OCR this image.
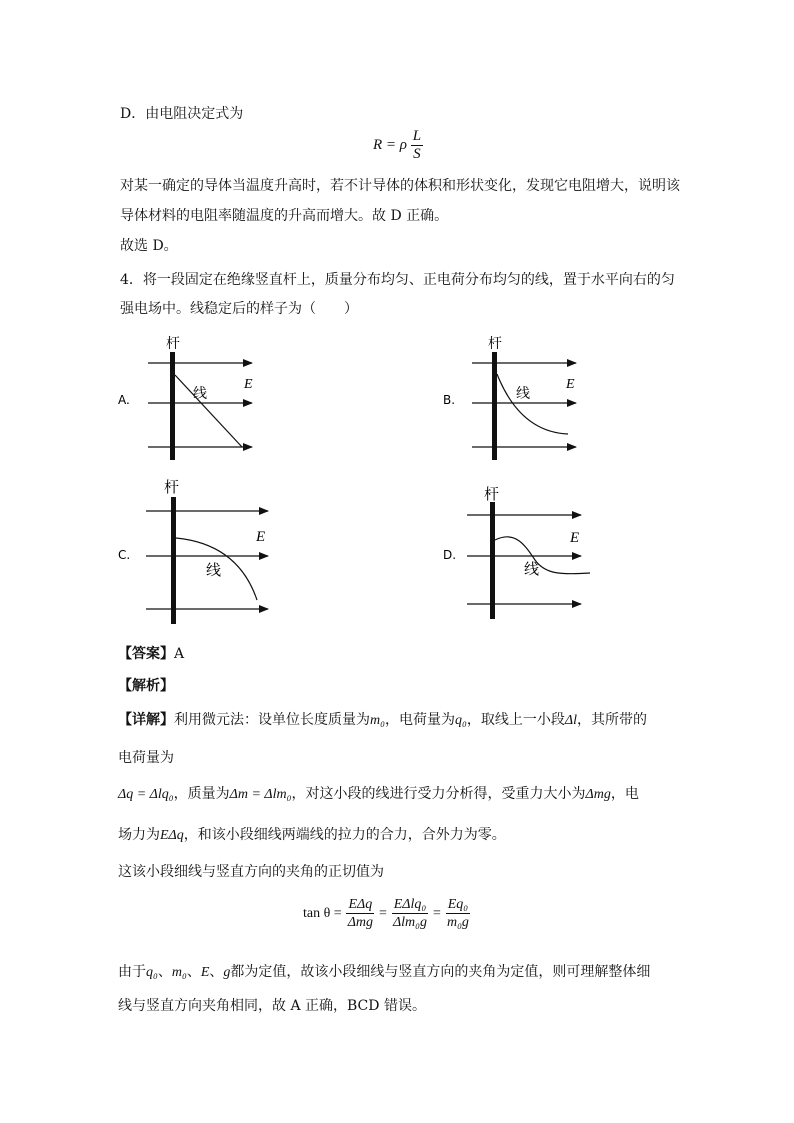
D．由电阻决定式为
R = ρ $\frac{L}{S}$
对某一确定的导体当温度升高时，若不计导体的体积和形状变化，发现它电阻增大，说明该
导体材料的电阻率随温度的升高而增大。故 D 正确。
故选 D。
4．将一段固定在绝缘竖直杆上，质量分布均匀、正电荷分布均匀的线，置于水平向右的匀
强电场中。线稳定后的样子为（　　）
A.
杆
线
E
B.
杆
线
E
C.
杆
线
E
D.
杆
线
E
【答案】A
【解析】
【详解】利用微元法：设单位长度质量为m₀，电荷量为q₀，取线上一小段Δl，其所带的
电荷量为
Δq = Δlq₀，质量为Δm = Δlm₀，对这小段的线进行受力分析得，受重力大小为Δmg，电
场力为EΔq，和该小段细线两端线的拉力的合力，合外力为零。
这该小段细线与竖直方向的夹角的正切值为
$\tan \theta = \frac{\text{EΔq}}{\text{Δmg}} = \frac{\text{EΔlq₀}}{\text{Δlm₀g}} = \frac{\text{Eq₀}}{\text{m₀g}}$
由于q₀、m₀、E、g都为定值，故该小段细线与竖直方向的夹角为定值，则可理解整体细
线与竖直方向夹角相同，故 A 正确，BCD 错误。
